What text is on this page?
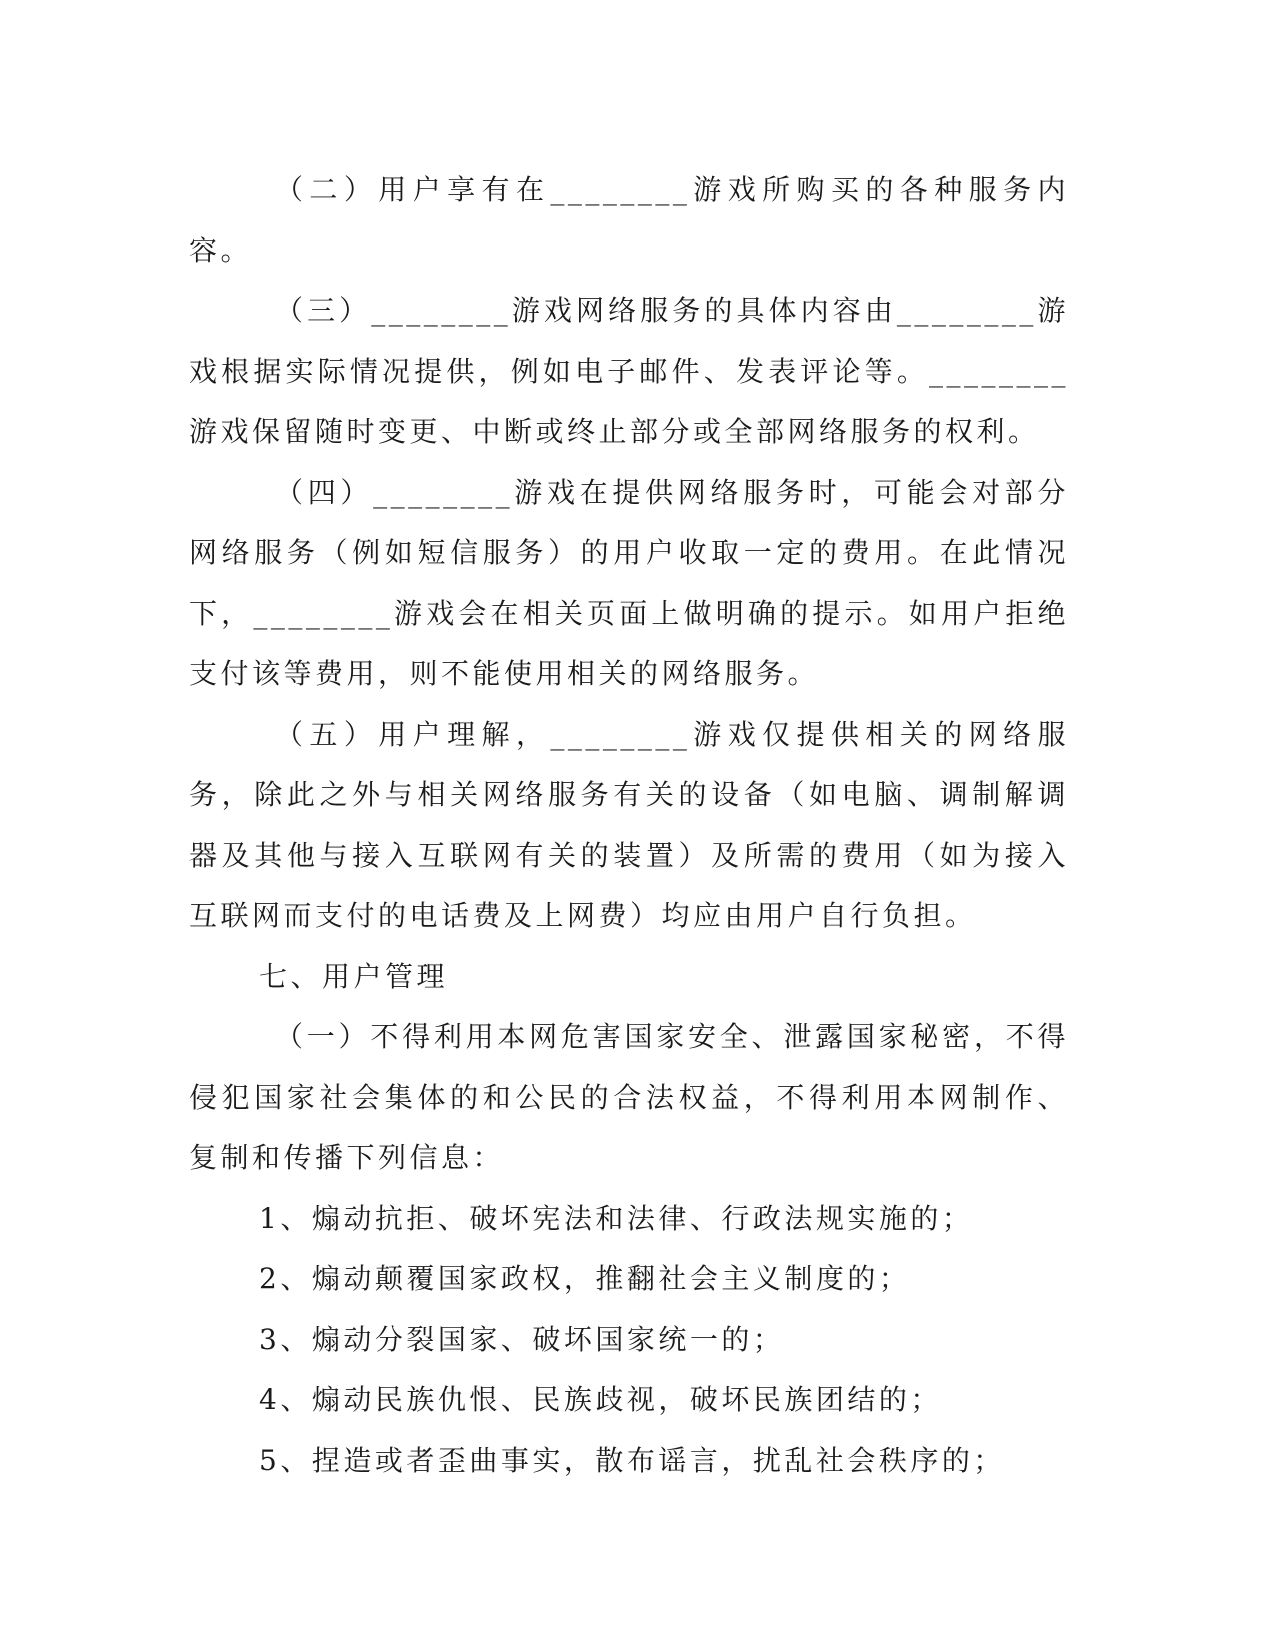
（二）用户享有在________游戏所购买的各种服务内容。

（三）________游戏网络服务的具体内容由________游戏根据实际情况提供，例如电子邮件、发表评论等。________游戏保留随时变更、中断或终止部分或全部网络服务的权利。

（四）________游戏在提供网络服务时，可能会对部分网络服务（例如短信服务）的用户收取一定的费用。在此情况下，________游戏会在相关页面上做明确的提示。如用户拒绝支付该等费用，则不能使用相关的网络服务。

（五）用户理解，________游戏仅提供相关的网络服务，除此之外与相关网络服务有关的设备（如电脑、调制解调器及其他与接入互联网有关的装置）及所需的费用（如为接入互联网而支付的电话费及上网费）均应由用户自行负担。

七、用户管理

（一）不得利用本网危害国家安全、泄露国家秘密，不得侵犯国家社会集体的和公民的合法权益，不得利用本网制作、复制和传播下列信息：

1、煽动抗拒、破坏宪法和法律、行政法规实施的；

2、煽动颠覆国家政权，推翻社会主义制度的；

3、煽动分裂国家、破坏国家统一的；

4、煽动民族仇恨、民族歧视，破坏民族团结的；

5、捏造或者歪曲事实，散布谣言，扰乱社会秩序的；
